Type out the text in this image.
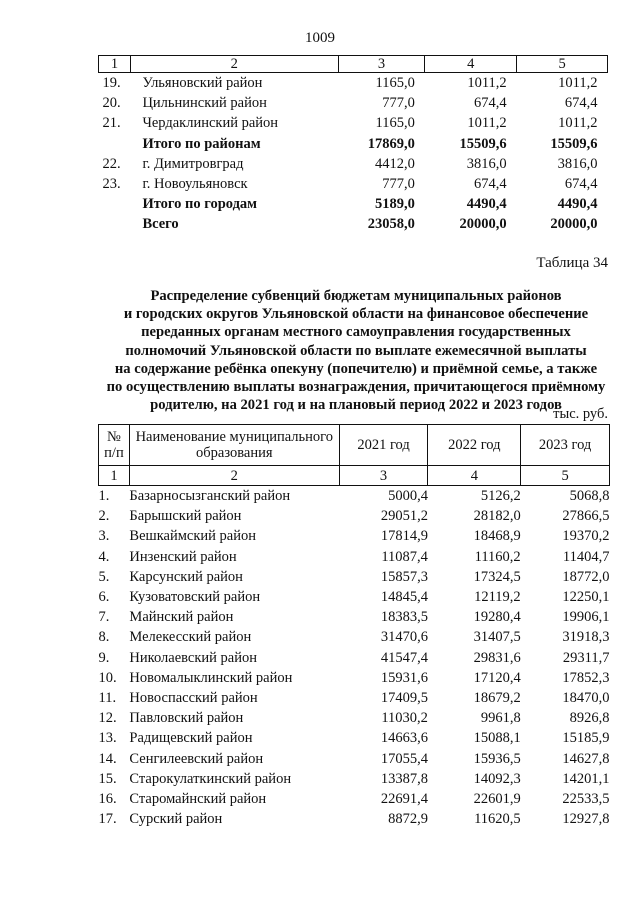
1009
1	2	3	4	5
19.	Ульяновский район	1165,0	1011,2	1011,2
20.	Цильнинский район	777,0	674,4	674,4
21.	Чердаклинский район	1165,0	1011,2	1011,2
	Итого по районам	17869,0	15509,6	15509,6
22.	г. Димитровград	4412,0	3816,0	3816,0
23.	г. Новоульяновск	777,0	674,4	674,4
	Итого по городам	5189,0	4490,4	4490,4
	Всего	23058,0	20000,0	20000,0
Таблица 34
Распределение субвенций бюджетам муниципальных районов
и городских округов Ульяновской области на финансовое обеспечение
переданных органам местного самоуправления государственных
полномочий Ульяновской области по выплате ежемесячной выплаты
на содержание ребёнка опекуну (попечителю) и приёмной семье, а также
по осуществлению выплаты вознаграждения, причитающегося приёмному
родителю, на 2021 год и на плановый период 2022 и 2023 годов
тыс. руб.
№ п/п	Наименование муниципального образования	2021 год	2022 год	2023 год
1	2	3	4	5
1.	Базарносызганский район	5000,4	5126,2	5068,8
2.	Барышский район	29051,2	28182,0	27866,5
3.	Вешкаймский район	17814,9	18468,9	19370,2
4.	Инзенский район	11087,4	11160,2	11404,7
5.	Карсунский район	15857,3	17324,5	18772,0
6.	Кузоватовский район	14845,4	12119,2	12250,1
7.	Майнский район	18383,5	19280,4	19906,1
8.	Мелекесский район	31470,6	31407,5	31918,3
9.	Николаевский район	41547,4	29831,6	29311,7
10.	Новомалыклинский район	15931,6	17120,4	17852,3
11.	Новоспасский район	17409,5	18679,2	18470,0
12.	Павловский район	11030,2	9961,8	8926,8
13.	Радищевский район	14663,6	15088,1	15185,9
14.	Сенгилеевский район	17055,4	15936,5	14627,8
15.	Старокулаткинский район	13387,8	14092,3	14201,1
16.	Старомайнский район	22691,4	22601,9	22533,5
17.	Сурский район	8872,9	11620,5	12927,8
